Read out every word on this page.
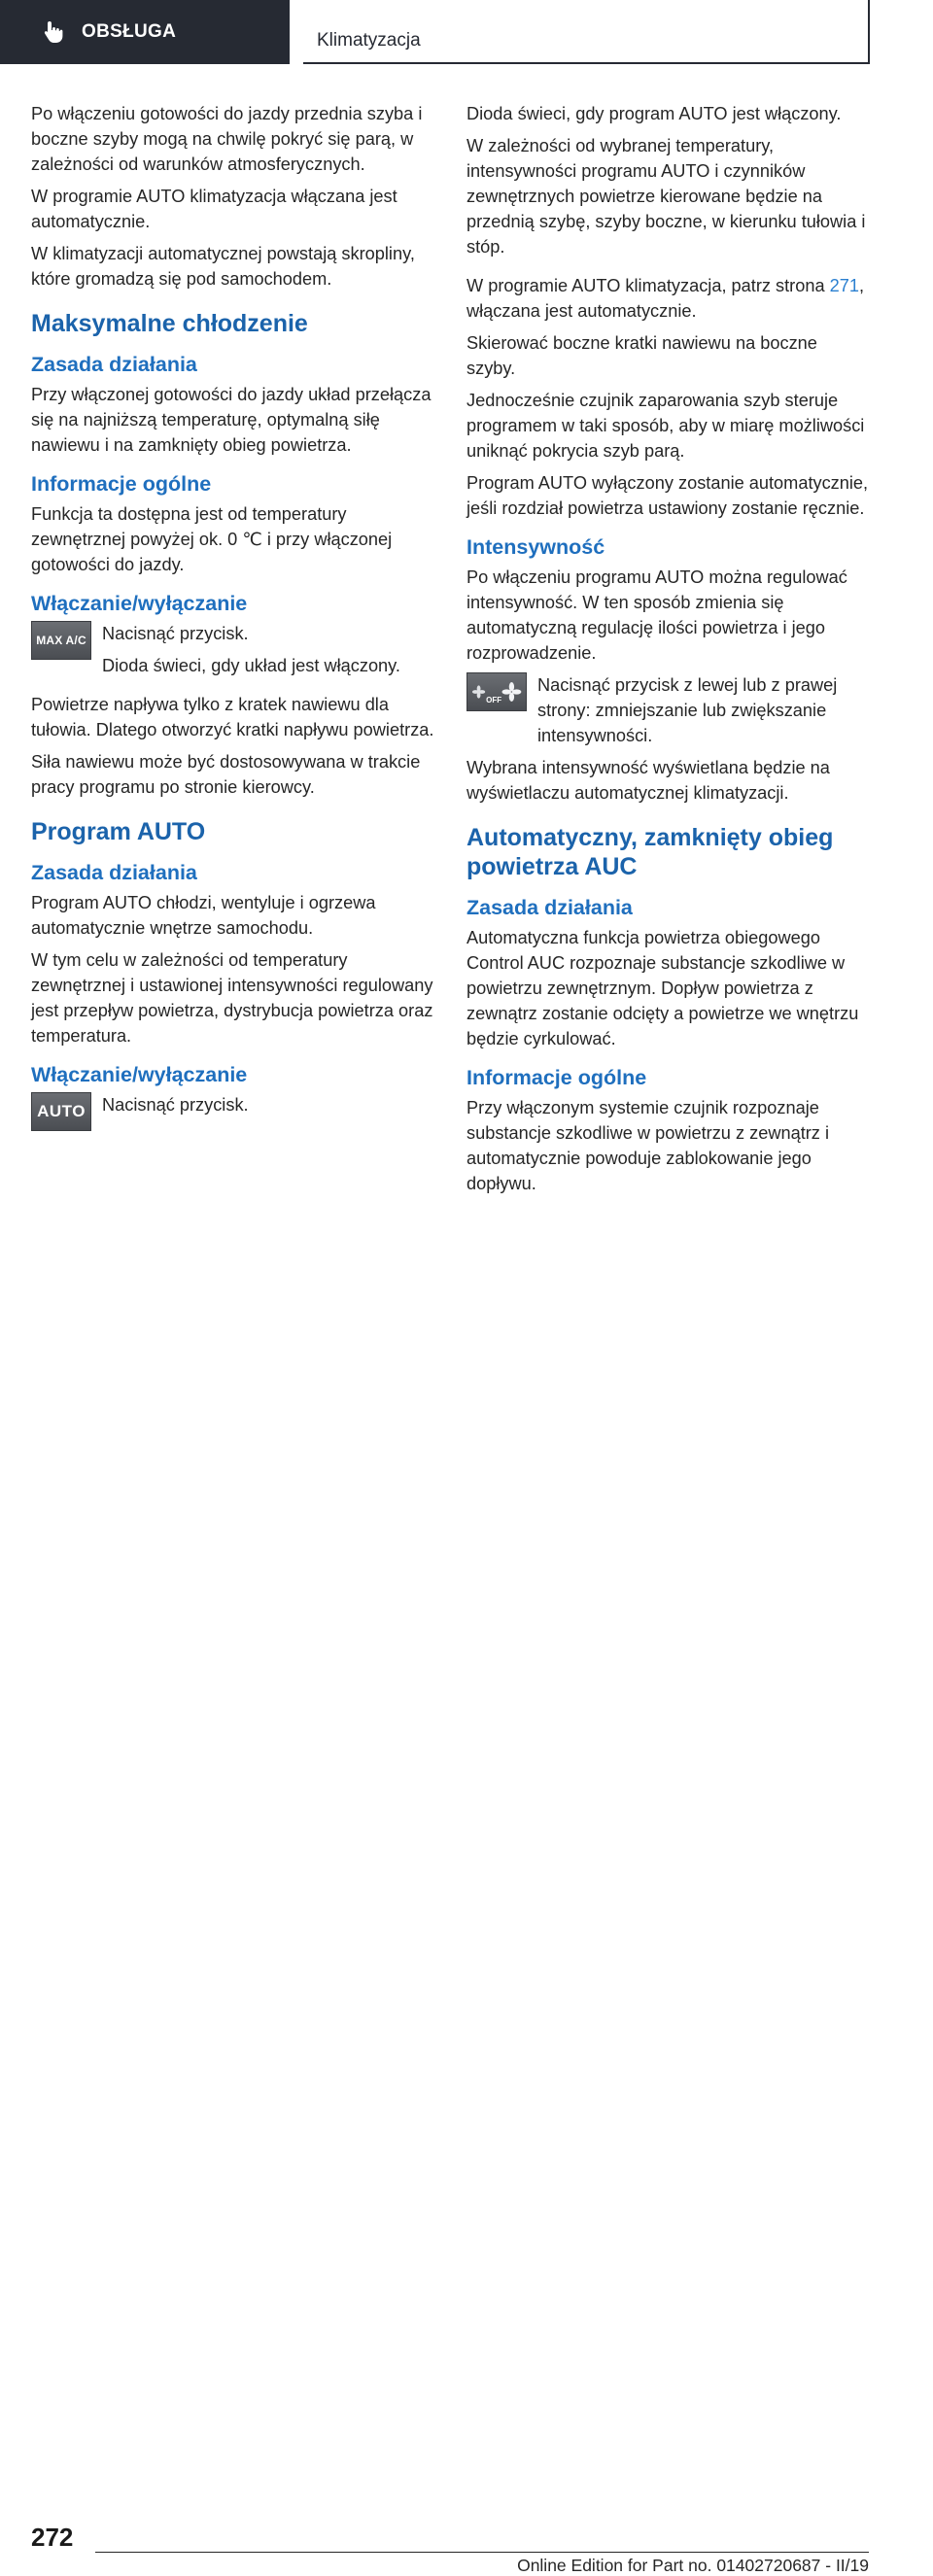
OBSŁUGA	Klimatyzacja

Po włączeniu gotowości do jazdy przednia szyba i boczne szyby mogą na chwilę pokryć się parą, w zależności od warunków atmosferycznych.

W programie AUTO klimatyzacja włączana jest automatycznie.

W klimatyzacji automatycznej powstają skropliny, które gromadzą się pod samochodem.

Maksymalne chłodzenie
Zasada działania

Przy włączonej gotowości do jazdy układ przełącza się na najniższą temperaturę, optymalną siłę nawiewu i na zamknięty obieg powietrza.

Informacje ogólne

Funkcja ta dostępna jest od temperatury zewnętrznej powyżej ok. 0 ℃ i przy włączonej gotowości do jazdy.

Włączanie/wyłączanie
MAX A/C Nacisnąć przycisk.

Dioda świeci, gdy układ jest włączony.

Powietrze napływa tylko z kratek nawiewu dla tułowia. Dlatego otworzyć kratki napływu powietrza.

Siła nawiewu może być dostosowywana w trakcie pracy programu po stronie kierowcy.

Program AUTO
Zasada działania

Program AUTO chłodzi, wentyluje i ogrzewa automatycznie wnętrze samochodu.

W tym celu w zależności od temperatury zewnętrznej i ustawionej intensywności regulowany jest przepływ powietrza, dystrybucja powietrza oraz temperatura.

Włączanie/wyłączanie
AUTO Nacisnąć przycisk.

Dioda świeci, gdy program AUTO jest włączony.

W zależności od wybranej temperatury, intensywności programu AUTO i czynników zewnętrznych powietrze kierowane będzie na przednią szybę, szyby boczne, w kierunku tułowia i stóp.

W programie AUTO klimatyzacja, patrz strona 271, włączana jest automatycznie.

Skierować boczne kratki nawiewu na boczne szyby.

Jednocześnie czujnik zaparowania szyb steruje programem w taki sposób, aby w miarę możliwości uniknąć pokrycia szyb parą.

Program AUTO wyłączony zostanie automatycznie, jeśli rozdział powietrza ustawiony zostanie ręcznie.

Intensywność

Po włączeniu programu AUTO można regulować intensywność. W ten sposób zmienia się automatyczną regulację ilości powietrza i jego rozprowadzenie.

OFF

Nacisnąć przycisk z lewej lub z prawej strony: zmniejszanie lub zwiększanie intensywności.

Wybrana intensywność wyświetlana będzie na wyświetlaczu automatycznej klimatyzacji.

Automatyczny, zamknięty obieg powietrza AUC
Zasada działania

Automatyczna funkcja powietrza obiegowego Control AUC rozpoznaje substancje szkodliwe w powietrzu zewnętrznym. Dopływ powietrza z zewnątrz zostanie odcięty a powietrze we wnętrzu będzie cyrkulować.

Informacje ogólne

Przy włączonym systemie czujnik rozpoznaje substancje szkodliwe w powietrzu z zewnątrz i automatycznie powoduje zablokowanie jego dopływu.

272
Online Edition for Part no. 01402720687 - II/19
